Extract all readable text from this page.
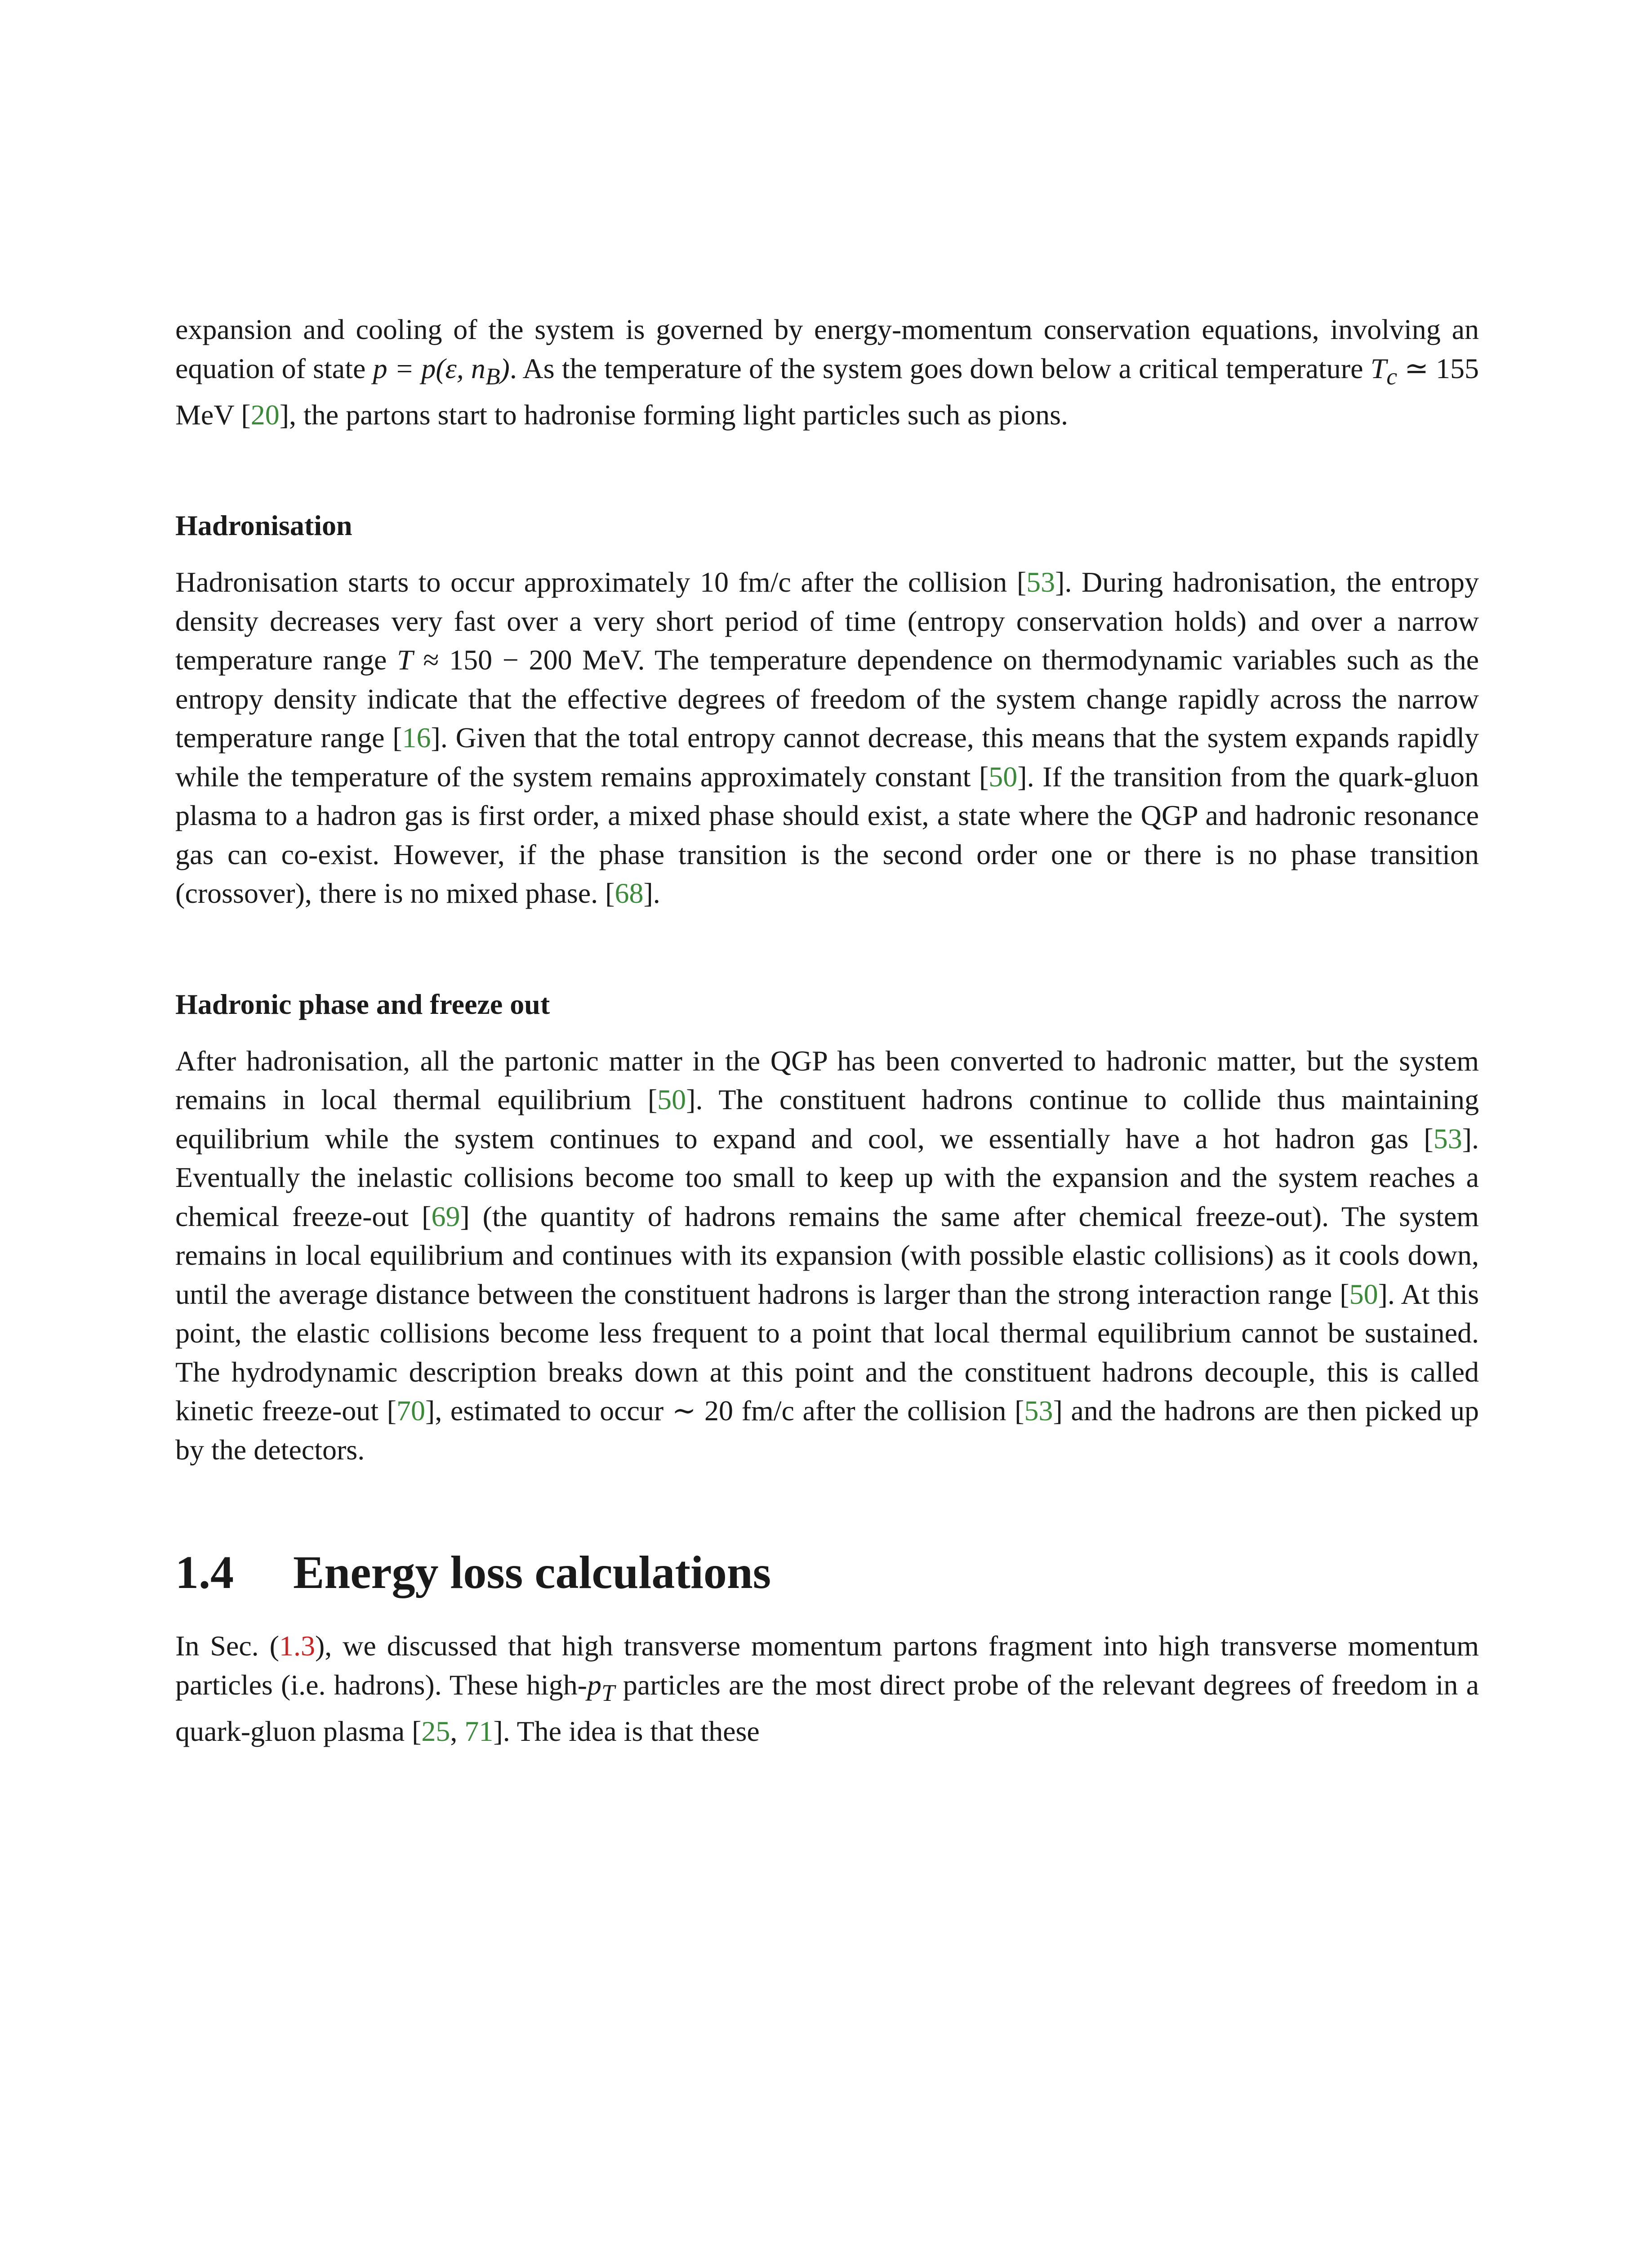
expansion and cooling of the system is governed by energy-momentum conservation equations, involving an equation of state p = p(ε, $n_B$). As the temperature of the system goes down below a critical temperature $T_c$ ≃ 155 MeV [20], the partons start to hadronise forming light particles such as pions.

Hadronisation

Hadronisation starts to occur approximately 10 fm/c after the collision [53]. During hadronisation, the entropy density decreases very fast over a very short period of time (entropy conservation holds) and over a narrow temperature range T ≈ 150 − 200 MeV. The temperature dependence on thermodynamic variables such as the entropy density indicate that the effective degrees of freedom of the system change rapidly across the narrow temperature range [16]. Given that the total entropy cannot decrease, this means that the system expands rapidly while the temperature of the system remains approximately constant [50]. If the transition from the quark-gluon plasma to a hadron gas is first order, a mixed phase should exist, a state where the QGP and hadronic resonance gas can co-exist. However, if the phase transition is the second order one or there is no phase transition (crossover), there is no mixed phase. [68].

Hadronic phase and freeze out

After hadronisation, all the partonic matter in the QGP has been converted to hadronic matter, but the system remains in local thermal equilibrium [50]. The constituent hadrons continue to collide thus maintaining equilibrium while the system continues to expand and cool, we essentially have a hot hadron gas [53]. Eventually the inelastic collisions become too small to keep up with the expansion and the system reaches a chemical freeze-out [69] (the quantity of hadrons remains the same after chemical freeze-out). The system remains in local equilibrium and continues with its expansion (with possible elastic collisions) as it cools down, until the average distance between the constituent hadrons is larger than the strong interaction range [50]. At this point, the elastic collisions become less frequent to a point that local thermal equilibrium cannot be sustained. The hydrodynamic description breaks down at this point and the constituent hadrons decouple, this is called kinetic freeze-out [70], estimated to occur ∼ 20 fm/c after the collision [53] and the hadrons are then picked up by the detectors.

1.4 Energy loss calculations

In Sec. (1.3), we discussed that high transverse momentum partons fragment into high transverse momentum particles (i.e. hadrons). These high-$p_T$ particles are the most direct probe of the relevant degrees of freedom in a quark-gluon plasma [25, 71]. The idea is that these
